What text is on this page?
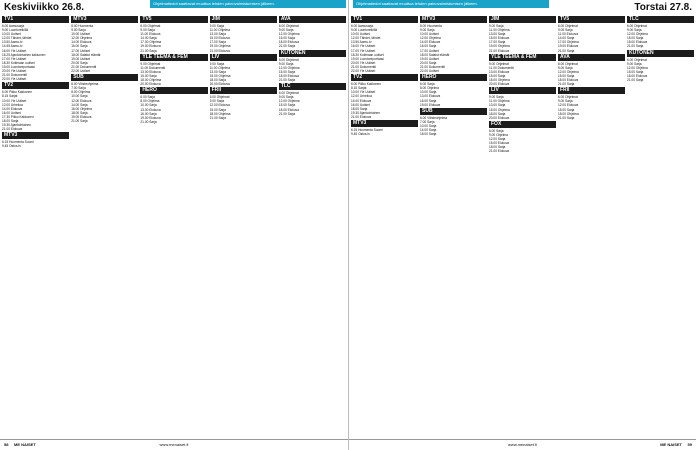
Keskiviikko 26.8.	Ohjelmatiedot saattavat muuttua lehden painovalmistumisen jälkeen.
TV1
6.00 Aamusarja
9.00 Luontoretkillä
10.00 Uutiset
12.00 Tähdet, tähdet
13.50 Aamu-tv
14.55 Aamu-tv
16.00 Yle Uutiset
16.25 Ajankohtainen kakkonen
17.00 Yle Uutiset
18.30 Kotimaan uutiset
19.00 Luontoreportaasi
20.00 Yle Uutiset
21.00 Dokumentti
22.00 Yle Uutiset
TV2
6.00 Pikku Kakkonen
8.15 Sarjat
10.00 Yle Uutiset
12.00 Urheilua
14.00 Elokuva
16.00 Uutiset
17.30 Pikku Kakkonen
18.00 Sarja
19.30 Ajankohtainen
21.00 Elokuva
MTV3
6.15 Huomenta Suomi
9.45 Ostos-tv
MTV3
8.00 Huomenta
9.00 Sarja
10.00 Uutiset
12.00 Ohjelma
14.00 Elokuva
16.00 Sarja
17.00 Uutiset
18.00 Salatut elämät
19.00 Uutiset
20.00 Sarja
21.00 Dokumentti
22.00 Uutiset
SUB
6.00 Viihdeohjelma
7.00 Sarja
8.00 Ohjelma
10.00 Sarja
12.00 Elokuva
14.00 Sarja
16.00 Ohjelma
18.00 Sarja
19.00 Elokuva
21.00 Sarja
TV5
6.00 Ohjelmat
9.00 Sarja
11.00 Elokuva
14.00 Sarja
17.00 Ohjelma
19.00 Elokuva
21.00 Sarja
YLE TEEMA & FEM
9.00 Ohjelmat
11.00 Dokumentti
13.00 Elokuva
15.00 Sarja
18.00 Ohjelma
20.00 Elokuva
HERO
6.00 Sarja
8.00 Ohjelma
10.00 Sarja
13.00 Elokuva
16.00 Sarja
19.00 Elokuva
21.00 Sarja
JIM
9.00 Sarja
11.00 Ohjelma
13.00 Sarja
15.00 Elokuva
17.00 Sarja
19.00 Ohjelma
21.00 Elokuva
LIV
9.00 Sarja
11.00 Ohjelma
13.00 Sarja
15.00 Ohjelma
18.00 Sarja
20.00 Elokuva
FRII
6.00 Ohjelmat
9.00 Sarja
12.00 Elokuva
15.00 Sarja
18.00 Ohjelma
21.00 Sarja
AVA
6.00 Ohjelmat
9.00 Sarja
12.00 Ohjelma
15.00 Sarja
18.00 Elokuva
21.00 Sarja
KUTONEN
6.00 Ohjelmat
9.00 Sarja
12.00 Ohjelma
15.00 Sarja
18.00 Elokuva
21.00 Sarja
TLC
6.00 Ohjelmat
9.00 Sarja
12.00 Ohjelma
15.00 Sarja
18.00 Elokuva
21.00 Sarja
58 ME NAISET	www.menaiset.fi
Ohjelmatiedot saattavat muuttua lehden painovalmistumisen jälkeen.	Torstai 27.8.
TV1
6.00 Aamusarja
9.00 Luontoretkillä
10.00 Uutiset
12.00 Tähdet, tähdet
13.50 Aamu-tv
16.00 Yle Uutiset
17.00 Yle Uutiset
18.30 Kotimaan uutiset
19.00 Luontoreportaasi
20.00 Yle Uutiset
21.00 Dokumentti
22.00 Yle Uutiset
TV2
6.00 Pikku Kakkonen
8.15 Sarjat
10.00 Yle Uutiset
12.00 Urheilua
14.00 Elokuva
16.00 Uutiset
18.00 Sarja
19.30 Ajankohtainen
21.00 Elokuva
MTV3
6.15 Huomenta Suomi
9.45 Ostos-tv
MTV3
8.00 Huomenta
9.00 Sarja
10.00 Uutiset
12.00 Ohjelma
14.00 Elokuva
16.00 Sarja
17.00 Uutiset
18.00 Salatut elämät
19.00 Uutiset
20.00 Sarja
21.00 Dokumentti
22.00 Uutiset
HERO
6.00 Sarja
8.00 Ohjelma
10.00 Sarja
13.00 Elokuva
16.00 Sarja
19.00 Elokuva
SUB
6.00 Viihdeohjelma
7.00 Sarja
10.00 Sarja
14.00 Sarja
18.00 Sarja
JIM
9.00 Sarja
11.00 Ohjelma
13.00 Sarja
15.00 Elokuva
17.00 Sarja
19.00 Ohjelma
21.00 Elokuva
YLE TEEMA & FEM
9.00 Ohjelmat
11.00 Dokumentti
13.00 Elokuva
15.00 Sarja
18.00 Ohjelma
20.00 Elokuva
LIV
9.00 Sarja
11.00 Ohjelma
13.00 Sarja
15.00 Ohjelma
18.00 Sarja
20.00 Elokuva
FOX
6.00 Sarja
9.00 Ohjelma
12.00 Sarja
15.00 Elokuva
18.00 Sarja
21.00 Elokuva
TV5
6.00 Ohjelmat
9.00 Sarja
11.00 Elokuva
14.00 Sarja
17.00 Ohjelma
19.00 Elokuva
21.00 Sarja
AVA
6.00 Ohjelmat
9.00 Sarja
12.00 Ohjelma
15.00 Sarja
18.00 Elokuva
21.00 Sarja
FRII
6.00 Ohjelmat
9.00 Sarja
12.00 Elokuva
15.00 Sarja
18.00 Ohjelma
21.00 Sarja
TLC
6.00 Ohjelmat
9.00 Sarja
12.00 Ohjelma
15.00 Sarja
18.00 Elokuva
21.00 Sarja
KUTONEN
6.00 Ohjelmat
9.00 Sarja
12.00 Ohjelma
15.00 Sarja
18.00 Elokuva
21.00 Sarja
www.menaiset.fi	ME NAISET 59
